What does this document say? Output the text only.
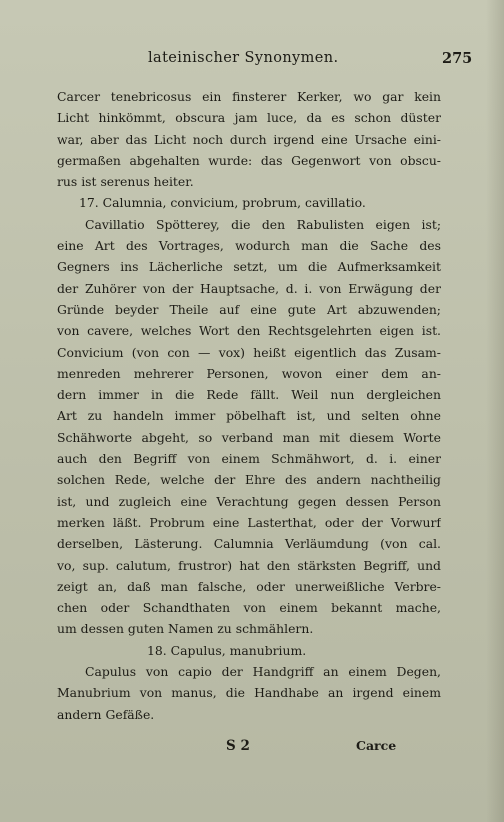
lateinischer Synonymen.	275
Carcer tenebricosus ein finsterer Kerker, wo gar kein
Licht hinkömmt, obscura jam luce, da es schon düster
war, aber das Licht noch durch irgend eine Ursache eini-
germaßen abgehalten wurde: das Gegenwort von obscu-
rus ist serenus heiter.
17. Calumnia, convicium, probrum, cavillatio.
Cavillatio Spötterey, die den Rabulisten eigen ist;
eine Art des Vortrages, wodurch man die Sache des
Gegners ins Lächerliche setzt, um die Aufmerksamkeit
der Zuhörer von der Hauptsache, d. i. von Erwägung der
Gründe beyder Theile auf eine gute Art abzuwenden;
von cavere, welches Wort den Rechtsgelehrten eigen ist.
Convicium (von con — vox) heißt eigentlich das Zusam-
menreden mehrerer Personen, wovon einer dem an-
dern immer in die Rede fällt. Weil nun dergleichen
Art zu handeln immer pöbelhaft ist, und selten ohne
Schähworte abgeht, so verband man mit diesem Worte
auch den Begriff von einem Schmähwort, d. i. einer
solchen Rede, welche der Ehre des andern nachtheilig
ist, und zugleich eine Verachtung gegen dessen Person
merken läßt. Probrum eine Lasterthat, oder der Vorwurf
derselben, Lästerung. Calumnia Verläumdung (von cal.
vo, sup. calutum, frustror) hat den stärksten Begriff, und
zeigt an, daß man falsche, oder unerweißliche Verbre-
chen oder Schandthaten von einem bekannt mache,
um dessen guten Namen zu schmählern.
18. Capulus, manubrium.
Capulus von capio der Handgriff an einem Degen,
Manubrium von manus, die Handhabe an irgend einem
andern Gefäße.
S 2	Carce
